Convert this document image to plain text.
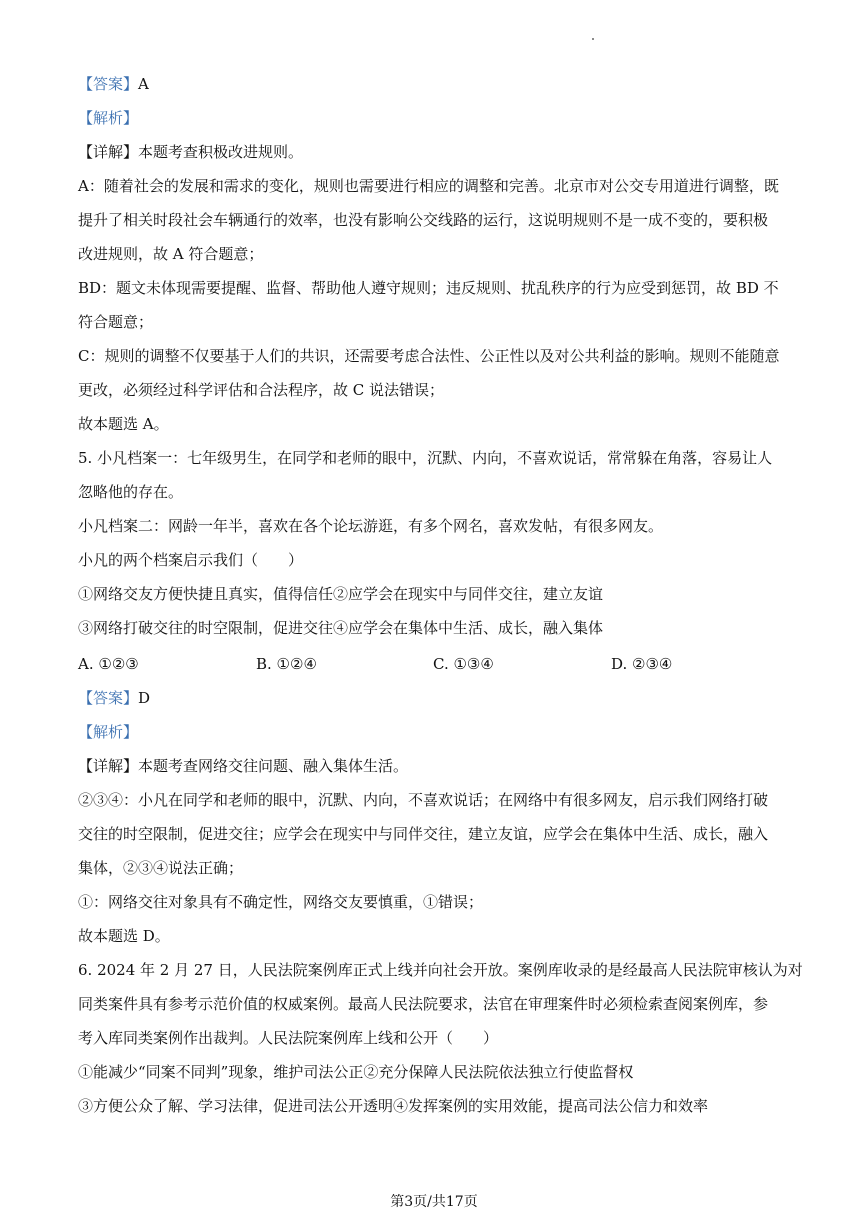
【答案】A
【解析】
【详解】本题考查积极改进规则。
A：随着社会的发展和需求的变化，规则也需要进行相应的调整和完善。北京市对公交专用道进行调整，既
提升了相关时段社会车辆通行的效率，也没有影响公交线路的运行，这说明规则不是一成不变的，要积极
改进规则，故 A 符合题意；
BD：题文未体现需要提醒、监督、帮助他人遵守规则；违反规则、扰乱秩序的行为应受到惩罚，故 BD 不
符合题意；
C：规则的调整不仅要基于人们的共识，还需要考虑合法性、公正性以及对公共利益的影响。规则不能随意
更改，必须经过科学评估和合法程序，故 C 说法错误；
故本题选 A。
5. 小凡档案一：七年级男生，在同学和老师的眼中，沉默、内向，不喜欢说话，常常躲在角落，容易让人
忽略他的存在。
小凡档案二：网龄一年半，喜欢在各个论坛游逛，有多个网名，喜欢发帖，有很多网友。
小凡的两个档案启示我们（　　）
①网络交友方便快捷且真实，值得信任②应学会在现实中与同伴交往，建立友谊
③网络打破交往的时空限制，促进交往④应学会在集体中生活、成长，融入集体
A. ①②③	B. ①②④	C. ①③④	D. ②③④
【答案】D
【解析】
【详解】本题考查网络交往问题、融入集体生活。
②③④：小凡在同学和老师的眼中，沉默、内向，不喜欢说话；在网络中有很多网友，启示我们网络打破
交往的时空限制，促进交往；应学会在现实中与同伴交往，建立友谊，应学会在集体中生活、成长，融入
集体，②③④说法正确；
①：网络交往对象具有不确定性，网络交友要慎重，①错误；
故本题选 D。
6. 2024 年 2 月 27 日，人民法院案例库正式上线并向社会开放。案例库收录的是经最高人民法院审核认为对
同类案件具有参考示范价值的权威案例。最高人民法院要求，法官在审理案件时必须检索查阅案例库，参
考入库同类案例作出裁判。人民法院案例库上线和公开（　　）
①能减少“同案不同判”现象，维护司法公正②充分保障人民法院依法独立行使监督权
③方便公众了解、学习法律，促进司法公开透明④发挥案例的实用效能，提高司法公信力和效率
第3页/共17页
